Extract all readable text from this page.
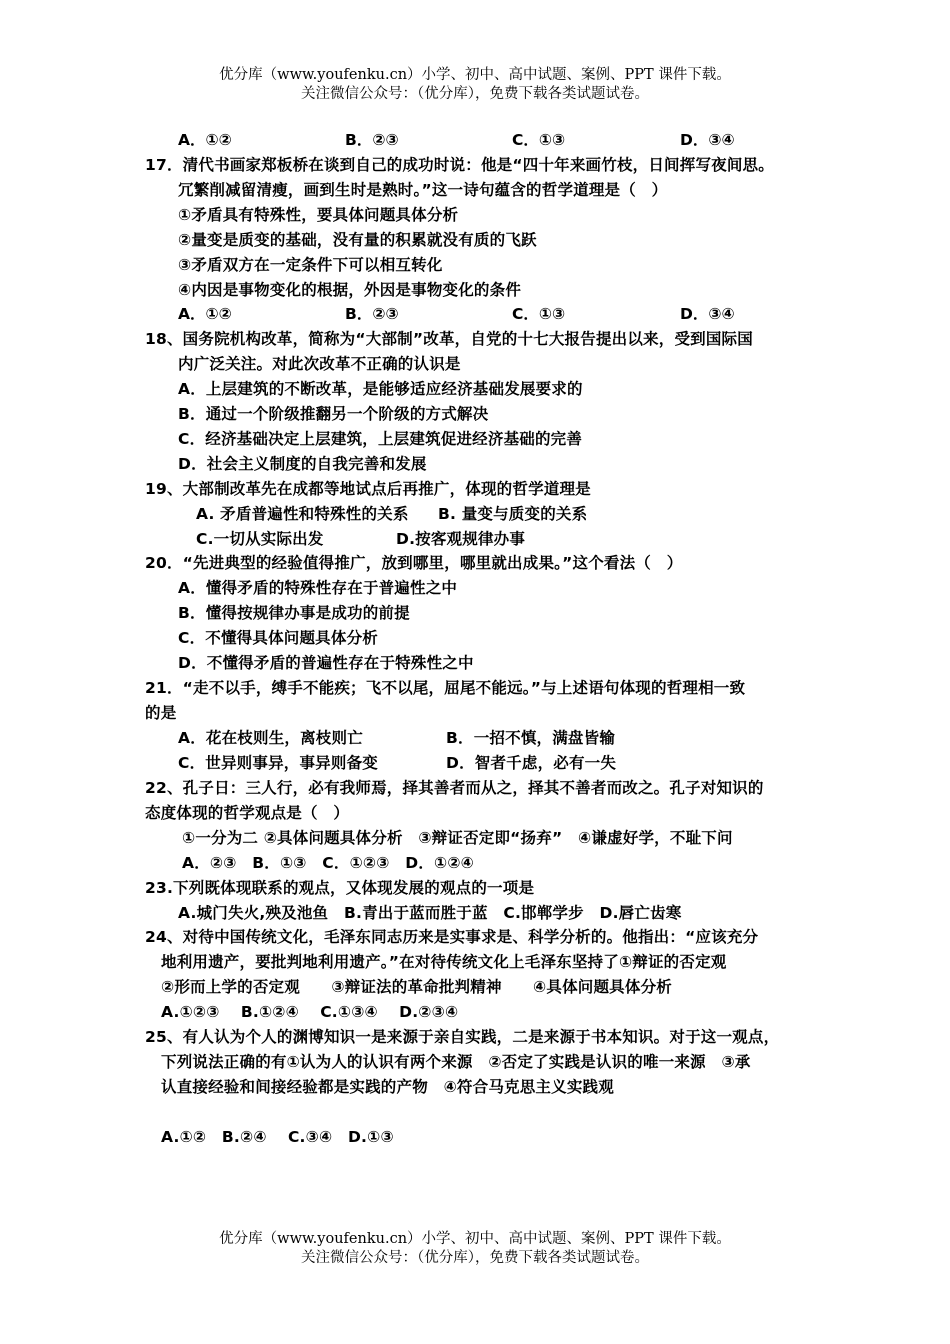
优分库（www.youfenku.cn）小学、初中、高中试题、案例、PPT 课件下载。
关注微信公众号：（优分库），免费下载各类试题试卷。
A．①②	B．②③	C．①③	D．③④
17．清代书画家郑板桥在谈到自己的成功时说：他是“四十年来画竹枝，日间挥写夜间思。
冗繁削减留清瘦，画到生时是熟时。”这一诗句蕴含的哲学道理是（　）
①矛盾具有特殊性，要具体问题具体分析
②量变是质变的基础，没有量的积累就没有质的飞跃
③矛盾双方在一定条件下可以相互转化
④内因是事物变化的根据，外因是事物变化的条件
A．①②	B．②③	C．①③	D．③④
18、国务院机构改革，简称为“大部制”改革，自党的十七大报告提出以来，受到国际国
内广泛关注。对此次改革不正确的认识是
A．上层建筑的不断改革，是能够适应经济基础发展要求的
B．通过一个阶级推翻另一个阶级的方式解决
C．经济基础决定上层建筑，上层建筑促进经济基础的完善
D．社会主义制度的自我完善和发展
19、大部制改革先在成都等地试点后再推广，体现的哲学道理是
A. 矛盾普遍性和特殊性的关系 B. 量变与质变的关系
C.一切从实际出发	D.按客观规律办事
20．“先进典型的经验值得推广，放到哪里，哪里就出成果。”这个看法（　）
A．懂得矛盾的特殊性存在于普遍性之中
B．懂得按规律办事是成功的前提
C．不懂得具体问题具体分析
D．不懂得矛盾的普遍性存在于特殊性之中
21．“走不以手，缚手不能疾；飞不以尾，屈尾不能远。”与上述语句体现的哲理相一致
的是
A．花在枝则生，离枝则亡	B．一招不慎，满盘皆输
C．世异则事异，事异则备变	D．智者千虑，必有一失
22、孔子日：三人行，必有我师焉，择其善者而从之，择其不善者而改之。孔子对知识的
态度体现的哲学观点是（　）
①一分为二 ②具体问题具体分析　③辩证否定即“扬弃”　④谦虚好学，不耻下问
A．②③　B．①③　C．①②③　D．①②④
23.下列既体现联系的观点，又体现发展的观点的一项是
A.城门失火,殃及池鱼　B.青出于蓝而胜于蓝　C.邯郸学步　D.唇亡齿寒
24、对待中国传统文化，毛泽东同志历来是实事求是、科学分析的。他指出：“应该充分
地利用遗产，要批判地利用遗产。”在对待传统文化上毛泽东坚持了①辩证的否定观
②形而上学的否定观　　③辩证法的革命批判精神　　④具体问题具体分析
A.①②③　 B.①②④　 C.①③④　 D.②③④
25、有人认为个人的渊博知识一是来源于亲自实践，二是来源于书本知识。对于这一观点，
下列说法正确的有①认为人的认识有两个来源　②否定了实践是认识的唯一来源　③承
认直接经验和间接经验都是实践的产物　④符合马克思主义实践观
A.①②　B.②④　 C.③④　D.①③
优分库（www.youfenku.cn）小学、初中、高中试题、案例、PPT 课件下载。
关注微信公众号：（优分库），免费下载各类试题试卷。
